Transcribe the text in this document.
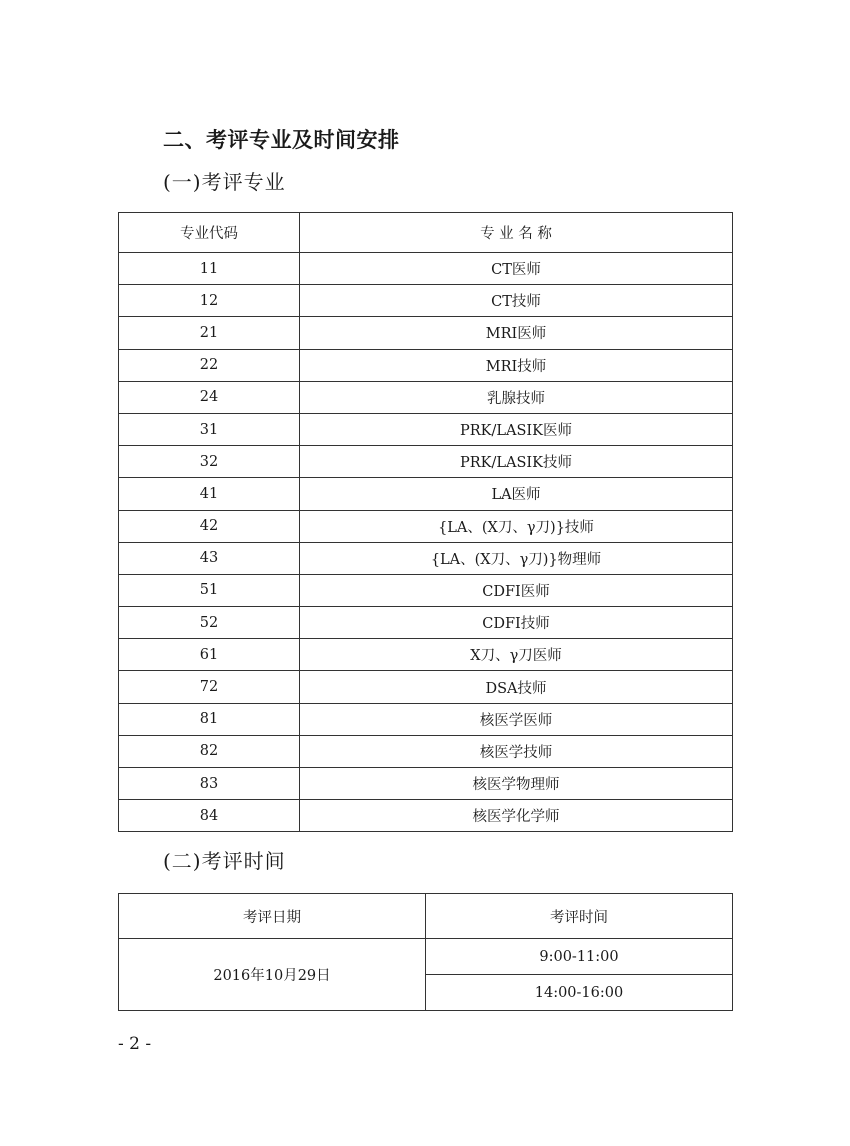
二、考评专业及时间安排
(一)考评专业
专业代码	专 业 名 称
11	CT医师
12	CT技师
21	MRI医师
22	MRI技师
24	乳腺技师
31	PRK/LASIK医师
32	PRK/LASIK技师
41	LA医师
42	{LA、(X刀、γ刀)}技师
43	{LA、(X刀、γ刀)}物理师
51	CDFI医师
52	CDFI技师
61	X刀、γ刀医师
72	DSA技师
81	核医学医师
82	核医学技师
83	核医学物理师
84	核医学化学师
(二)考评时间
考评日期	考评时间
2016年10月29日	9:00-11:00
	14:00-16:00
- 2 -
